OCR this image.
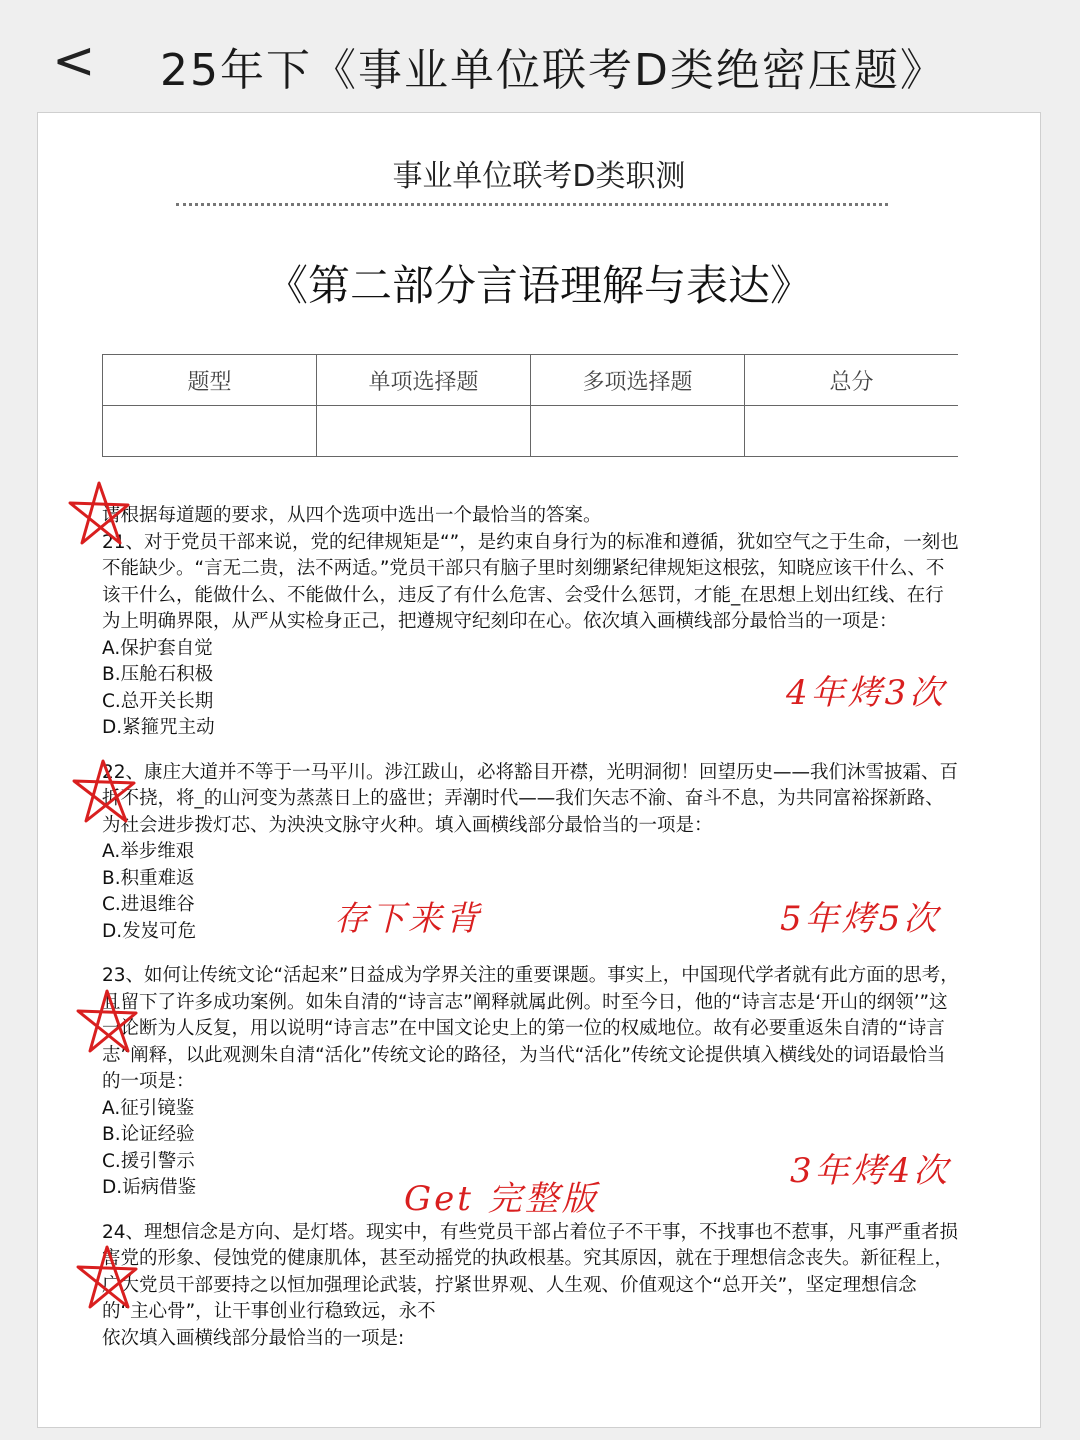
< 25年下《事业单位联考D类绝密压题》
事业单位联考D类职测
《第二部分言语理解与表达》
题型	单项选择题	多项选择题	总分

请根据每道题的要求，从四个选项中选出一个最恰当的答案。

21、对于党员干部来说，党的纪律规矩是“”，是约束自身行为的标准和遵循，犹如空气之于生命，一刻也不能缺少。“言无二贵，法不两适。”党员干部只有脑子里时刻绷紧纪律规矩这根弦，知晓应该干什么、不该干什么，能做什么、不能做什么，违反了有什么危害、会受什么惩罚，才能_在思想上划出红线、在行为上明确界限，从严从实检身正己，把遵规守纪刻印在心。依次填入画横线部分最恰当的一项是：

A.保护套自觉

B.压舱石积极

C.总开关长期

D.紧箍咒主动

22、康庄大道并不等于一马平川。涉江跋山，必将豁目开襟，光明洞彻！回望历史——我们沐雪披霜、百折不挠，将_的山河变为蒸蒸日上的盛世；弄潮时代——我们矢志不渝、奋斗不息，为共同富裕探新路、为社会进步拨灯芯、为泱泱文脉守火种。填入画横线部分最恰当的一项是：

A.举步维艰

B.积重难返

C.进退维谷

D.发岌可危

23、如何让传统文论“活起来”日益成为学界关注的重要课题。事实上，中国现代学者就有此方面的思考，且留下了许多成功案例。如朱自清的“诗言志”阐释就属此例。时至今日，他的“诗言志是‘开山的纲领’”这一论断为人反复，用以说明“诗言志”在中国文论史上的第一位的权威地位。故有必要重返朱自清的“诗言志”阐释，以此观测朱自清“活化”传统文论的路径，为当代“活化”传统文论提供填入横线处的词语最恰当的一项是：

A.征引镜鉴

B.论证经验

C.援引警示

D.诟病借鉴

24、理想信念是方向、是灯塔。现实中，有些党员干部占着位子不干事，不找事也不惹事，凡事严重者损害党的形象、侵蚀党的健康肌体，甚至动摇党的执政根基。究其原因，就在于理想信念丧失。新征程上，广大党员干部要持之以恒加强理论武装，拧紧世界观、人生观、价值观这个“总开关”，坚定理想信念的“主心骨”，让干事创业行稳致远，永不

依次填入画横线部分最恰当的一项是:

4年烤3次
存下来背	5年烤5次
3年烤4次
Get 完整版
